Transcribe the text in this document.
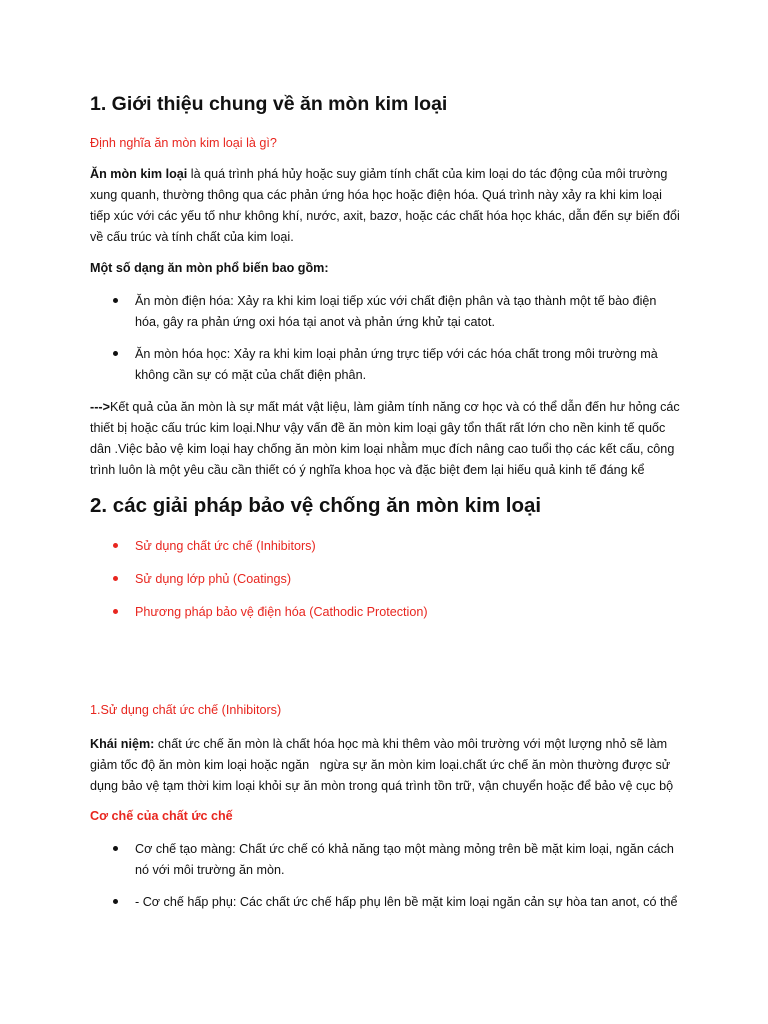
1. Giới thiệu chung về ăn mòn kim loại

Định nghĩa ăn mòn kim loại là gì?

Ăn mòn kim loại là quá trình phá hủy hoặc suy giảm tính chất của kim loại do tác động của môi trường
xung quanh, thường thông qua các phản ứng hóa học hoặc điện hóa. Quá trình này xảy ra khi kim loại
tiếp xúc với các yếu tố như không khí, nước, axit, bazơ, hoặc các chất hóa học khác, dẫn đến sự biến đổi
về cấu trúc và tính chất của kim loại.

Một số dạng ăn mòn phổ biến bao gồm:

Ăn mòn điện hóa: Xảy ra khi kim loại tiếp xúc với chất điện phân và tạo thành một tế bào điện
hóa, gây ra phản ứng oxi hóa tại anot và phản ứng khử tại catot.
Ăn mòn hóa học: Xảy ra khi kim loại phản ứng trực tiếp với các hóa chất trong môi trường mà
không cần sự có mặt của chất điện phân.

--->Kết quả của ăn mòn là sự mất mát vật liệu, làm giảm tính năng cơ học và có thể dẫn đến hư hỏng các
thiết bị hoặc cấu trúc kim loại.Như vậy vấn đề ăn mòn kim loại gây tổn thất rất lớn cho nền kinh tế quốc
dân .Việc bảo vệ kim loại hay chống ăn mòn kim loại nhằm mục đích nâng cao tuổi thọ các kết cấu, công
trình luôn là một yêu cầu cần thiết có ý nghĩa khoa học và đặc biệt đem lại hiếu quả kinh tế đáng kể

2. các giải pháp bảo vệ chống ăn mòn kim loại
Sử dụng chất ức chế (Inhibitors)
Sử dụng lớp phủ (Coatings)
Phương pháp bảo vệ điện hóa (Cathodic Protection)

1.Sử dụng chất ức chế (Inhibitors)

Khái niệm: chất ức chế ăn mòn là chất hóa học mà khi thêm vào môi trường với một lượng nhỏ sẽ làm
giảm tốc độ ăn mòn kim loại hoặc ngăn   ngừa sự ăn mòn kim loại.chất ức chế ăn mòn thường được sử
dụng bảo vệ tạm thời kim loại khỏi sự ăn mòn trong quá trình tồn trữ, vận chuyển hoặc để bảo vệ cục bộ

Cơ chế của chất ức chế

Cơ chế tạo màng: Chất ức chế có khả năng tạo một màng mỏng trên bề mặt kim loại, ngăn cách
nó với môi trường ăn mòn.
- Cơ chế hấp phụ: Các chất ức chế hấp phụ lên bề mặt kim loại ngăn cản sự hòa tan anot, có thể
